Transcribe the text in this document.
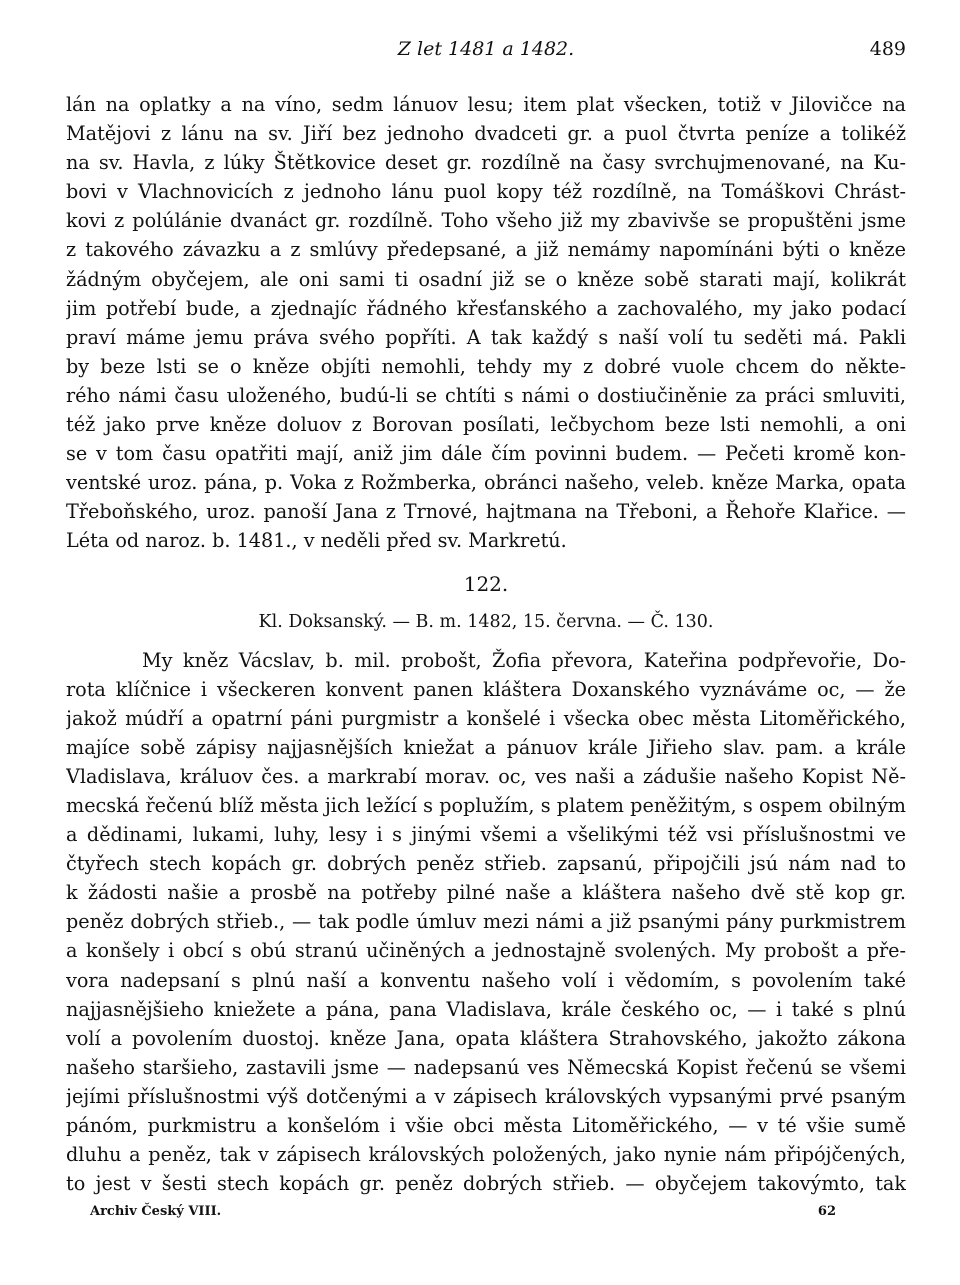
Z let 1481 a 1482.	489
lán na oplatky a na víno, sedm lánuov lesu; item plat všecken, totiž v Jilovičce na
Matějovi z lánu na sv. Jiří bez jednoho dvadceti gr. a puol čtvrta peníze a tolikéž
na sv. Havla, z lúky Štětkovice deset gr. rozdílně na časy svrchujmenované, na Ku-
bovi v Vlachnovicích z jednoho lánu puol kopy též rozdílně, na Tomáškovi Chrást-
kovi z polúlánie dvanáct gr. rozdílně. Toho všeho již my zbavivše se propuštěni jsme
z takového závazku a z smlúvy předepsané, a již nemámy napomínáni býti o kněze
žádným obyčejem, ale oni sami ti osadní již se o kněze sobě starati mají, kolikrát
jim potřebí bude, a zjednajíc řádného křesťanského a zachovalého, my jako podací
praví máme jemu práva svého popříti. A tak každý s naší volí tu seděti má. Pakli
by beze lsti se o kněze objíti nemohli, tehdy my z dobré vuole chcem do někte-
rého námi času uloženého, budú-li se chtíti s námi o dostiučiněnie za práci smluviti,
též jako prve kněze doluov z Borovan posílati, lečbychom beze lsti nemohli, a oni
se v tom času opatřiti mají, aniž jim dále čím povinni budem. — Pečeti kromě kon-
ventské uroz. pána, p. Voka z Rožmberka, obránci našeho, veleb. kněze Marka, opata
Třeboňského, uroz. panoší Jana z Trnové, hajtmana na Třeboni, a Řehoře Klařice. —
Léta od naroz. b. 1481., v neděli před sv. Markretú.
122.
Kl. Doksanský. — B. m. 1482, 15. června. — Č. 130.
My kněz Vácslav, b. mil. probošt, Žofia převora, Kateřina podpřevořie, Do-
rota klíčnice i všeckeren konvent panen kláštera Doxanského vyznáváme oc, — že
jakož múdří a opatrní páni purgmistr a konšelé i všecka obec města Litoměřického,
majíce sobě zápisy najjasnějších kniežat a pánuov krále Jiřieho slav. pam. a krále
Vladislava, králuov čes. a markrabí morav. oc, ves naši a zádušie našeho Kopist Ně-
mecská řečenú blíž města jich ležící s poplužím, s platem peněžitým, s ospem obilným
a dědinami, lukami, luhy, lesy i s jinými všemi a všelikými též vsi příslušnostmi ve
čtyřech stech kopách gr. dobrých peněz střieb. zapsanú, připojčili jsú nám nad to
k žádosti našie a prosbě na potřeby pilné naše a kláštera našeho dvě stě kop gr.
peněz dobrých střieb., — tak podle úmluv mezi námi a již psanými pány purkmistrem
a konšely i obcí s obú stranú učiněných a jednostajně svolených. My probošt a pře-
vora nadepsaní s plnú naší a konventu našeho volí i vědomím, s povolením také
najjasnějšieho kniežete a pána, pana Vladislava, krále českého oc, — i také s plnú
volí a povolením duostoj. kněze Jana, opata kláštera Strahovského, jakožto zákona
našeho staršieho, zastavili jsme — nadepsanú ves Němecská Kopist řečenú se všemi
jejími příslušnostmi výš dotčenými a v zápisech královských vypsanými prvé psaným
pánóm, purkmistru a konšelóm i všie obci města Litoměřického, — v té všie sumě
dluhu a peněz, tak v zápisech královských položených, jako nynie nám připójčených,
to jest v šesti stech kopách gr. peněz dobrých střieb. — obyčejem takovýmto, tak
Archiv Český VIII.	62
